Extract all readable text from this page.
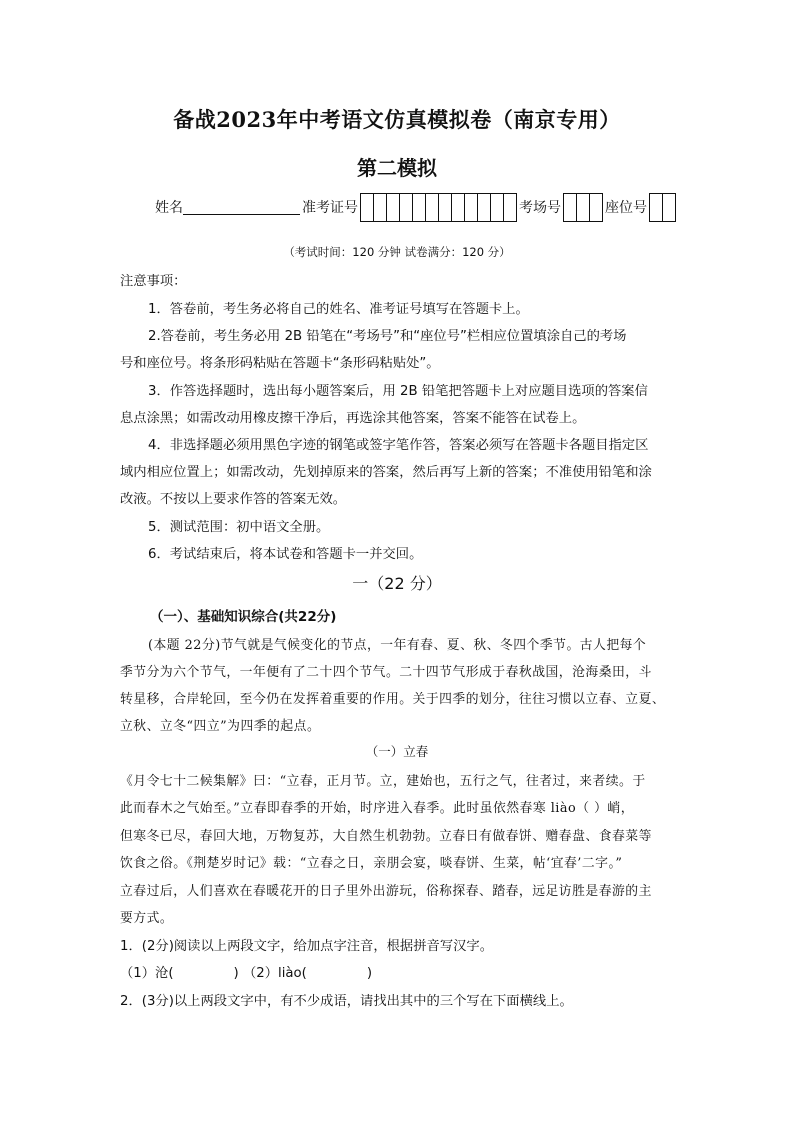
备战2023年中考语文仿真模拟卷（南京专用）
第二模拟
姓名	准考证号	考场号	座位号
（考试时间：120 分钟 试卷满分：120 分）
注意事项：
1．答卷前，考生务必将自己的姓名、准考证号填写在答题卡上。
2.答卷前，考生务必用 2B 铅笔在“考场号”和“座位号”栏相应位置填涂自己的考场
号和座位号。将条形码粘贴在答题卡“条形码粘贴处”。
3．作答选择题时，选出每小题答案后，用 2B 铅笔把答题卡上对应题目选项的答案信
息点涂黑；如需改动用橡皮擦干净后，再选涂其他答案，答案不能答在试卷上。
4．非选择题必须用黑色字迹的钢笔或签字笔作答，答案必须写在答题卡各题目指定区
域内相应位置上；如需改动，先划掉原来的答案，然后再写上新的答案；不准使用铅笔和涂
改液。不按以上要求作答的答案无效。
5．测试范围：初中语文全册。
6．考试结束后，将本试卷和答题卡一并交回。
一（22 分）
（一）、基础知识综合(共22分)
(本题 22分)节气就是气候变化的节点，一年有春、夏、秋、冬四个季节。古人把每个
季节分为六个节气，一年便有了二十四个节气。二十四节气形成于春秋战国，沧海桑田，斗
转星移，合岸轮回，至今仍在发挥着重要的作用。关于四季的划分，往往习惯以立春、立夏、
立秋、立冬“四立”为四季的起点。
（一）立春
《月令七十二候集解》曰：“立春，正月节。立，建始也，五行之气，往者过，来者续。于
此而春木之气始至。”立春即春季的开始，时序进入春季。此时虽依然春寒 liào（ ）峭，
但寒冬已尽，春回大地，万物复苏，大自然生机勃勃。立春日有做春饼、赠春盘、食春菜等
饮食之俗。《荆楚岁时记》载：“立春之日，亲朋会宴，啖春饼、生菜，帖‘宜春’二字。”
立春过后，人们喜欢在春暖花开的日子里外出游玩，俗称探春、踏春，远足访胜是春游的主
要方式。
1．(2分)阅读以上两段文字，给加点字注音，根据拼音写汉字。
（1）沧(	) （2）liào(	)
2．(3分)以上两段文字中，有不少成语，请找出其中的三个写在下面横线上。
